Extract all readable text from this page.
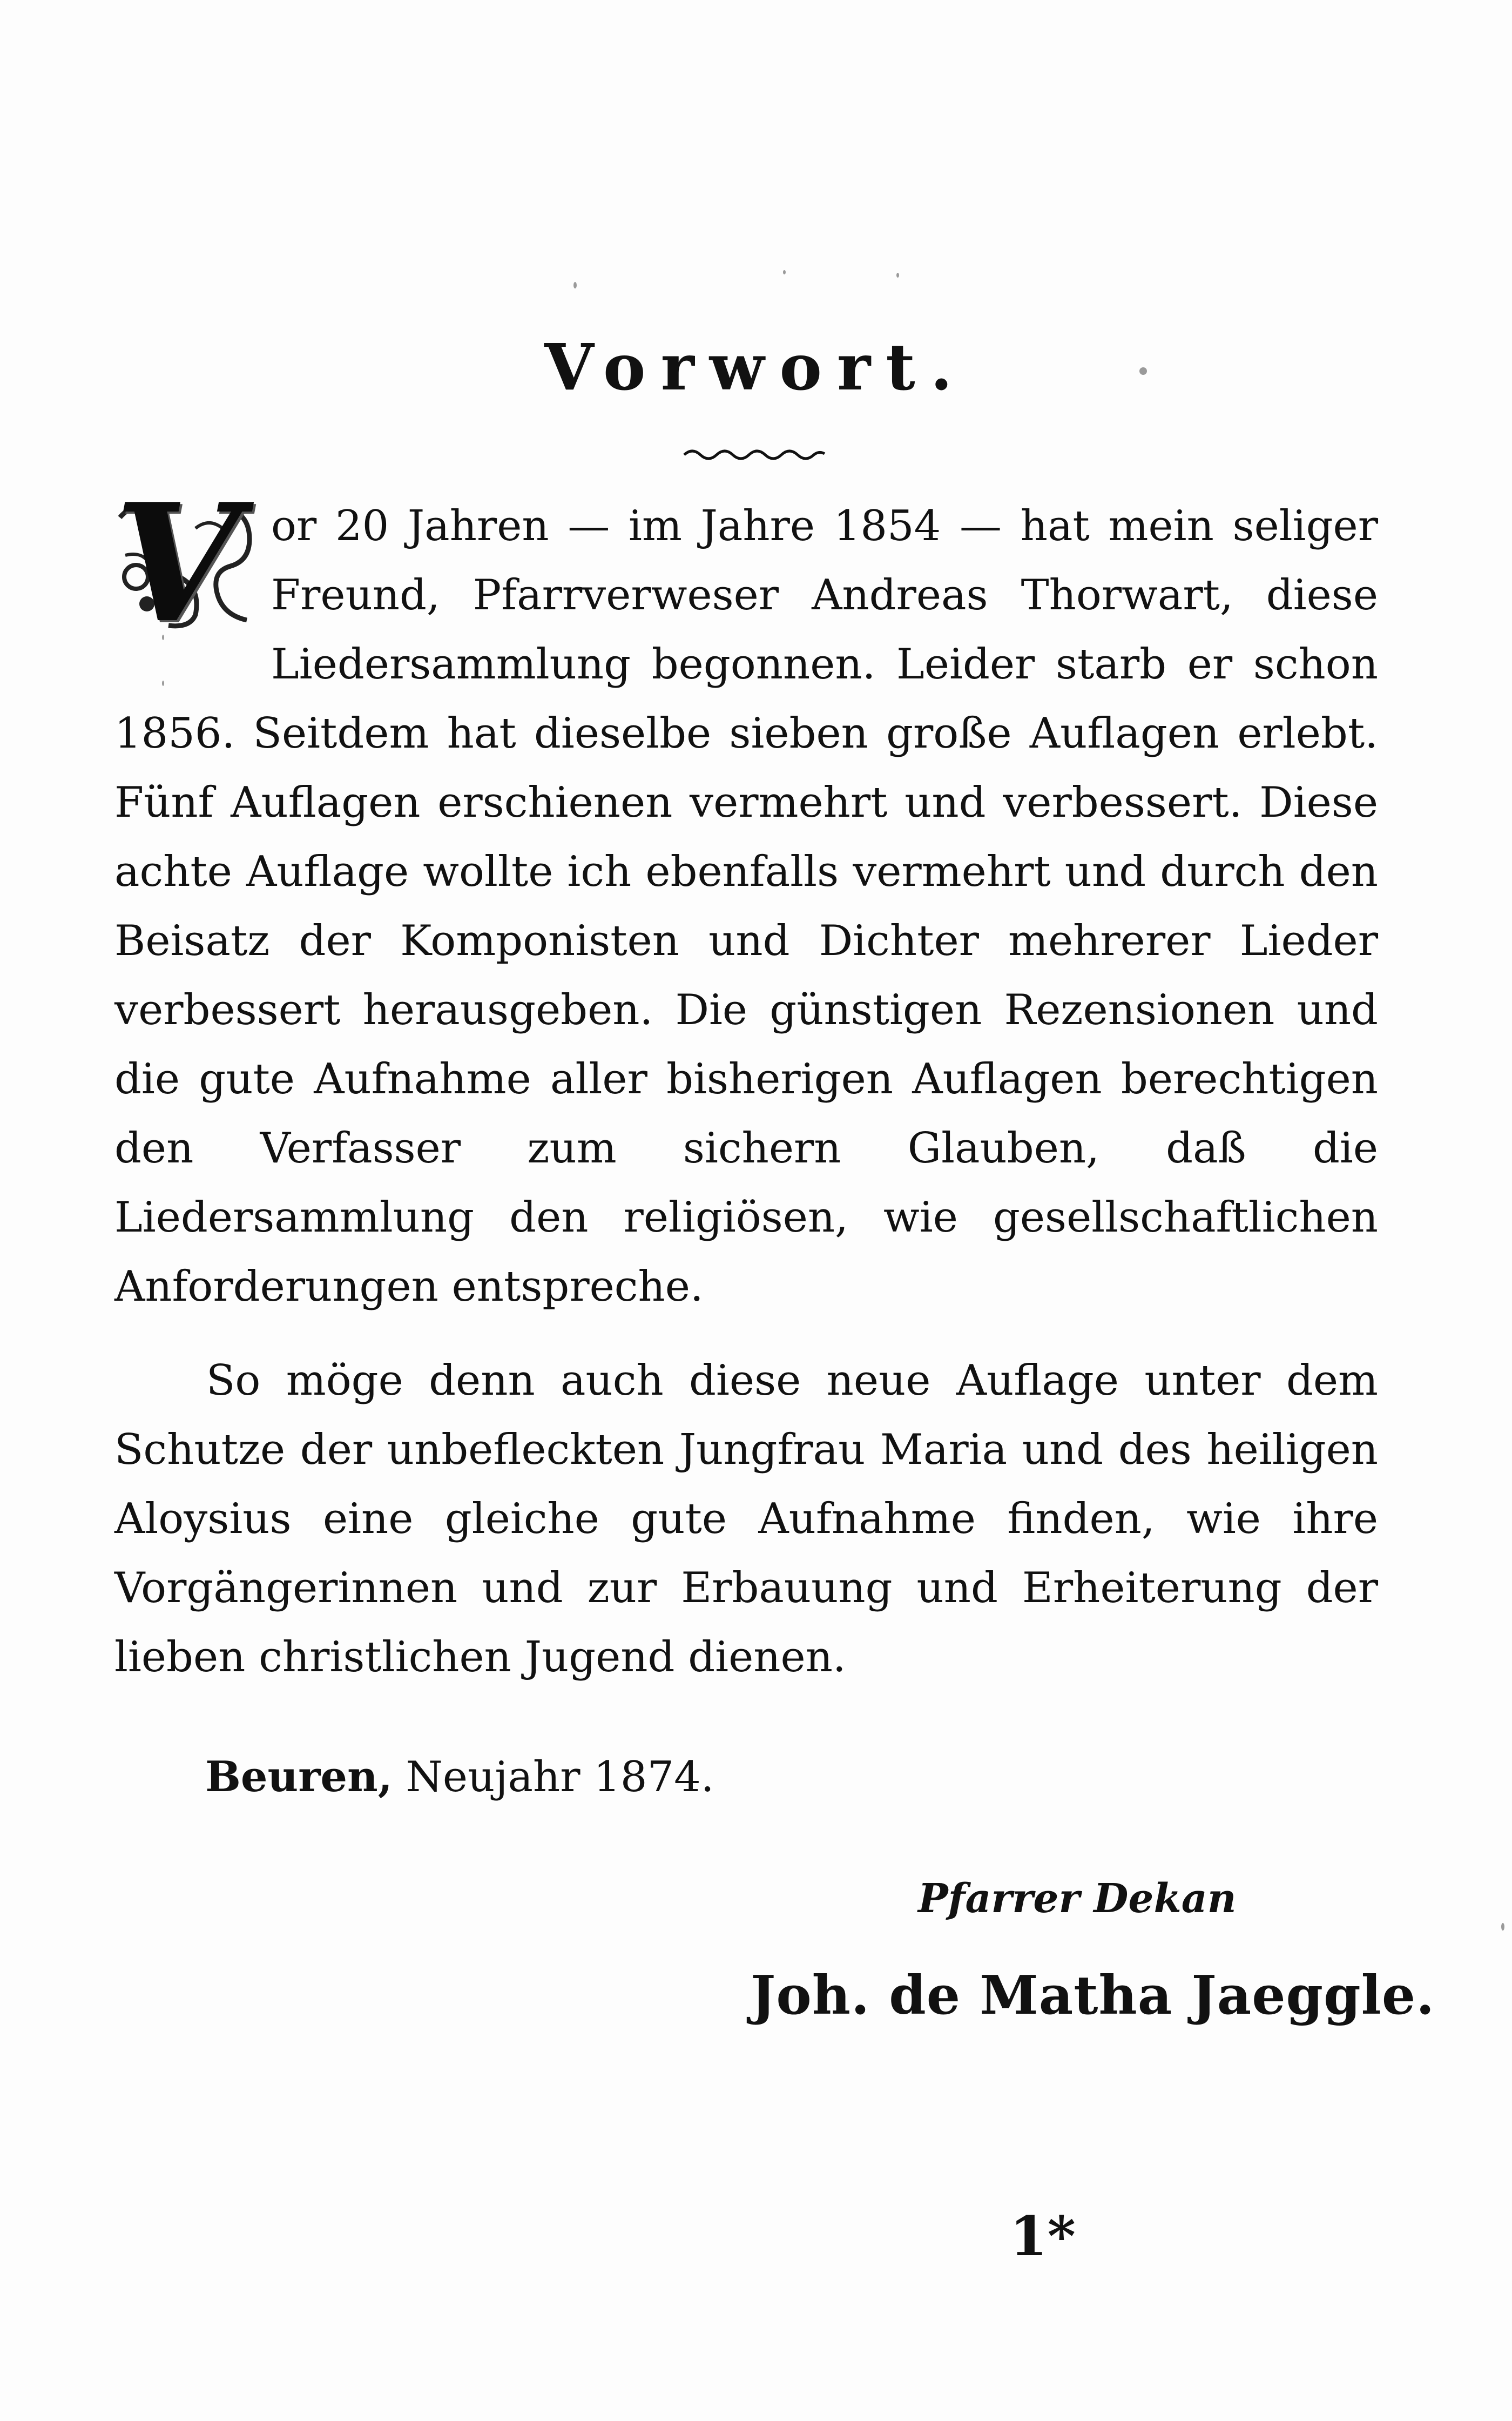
Vorwort.

V or 20 Jahren — im Jahre 1854 — hat mein seliger Freund, Pfarrverweser Andreas Thorwart, diese Liedersammlung begonnen. Leider starb er schon 1856. Seitdem hat dieselbe sieben große Auflagen erlebt. Fünf Auflagen erschienen vermehrt und verbessert. Diese achte Auflage wollte ich ebenfalls vermehrt und durch den Beisatz der Komponisten und Dichter mehrerer Lieder verbessert herausgeben. Die günstigen Rezensionen und die gute Aufnahme aller bisherigen Auflagen berechtigen den Verfasser zum sichern Glauben, daß die Liedersammlung den religiösen, wie gesellschaftlichen Anforderungen entspreche.

So möge denn auch diese neue Auflage unter dem Schutze der unbefleckten Jungfrau Maria und des heiligen Aloysius eine gleiche gute Aufnahme finden, wie ihre Vorgängerinnen und zur Erbauung und Erheiterung der lieben christlichen Jugend dienen.

Beuren, Neujahr 1874.
Pfarrer Dekan
Joh. de Matha Jaeggle.
1*
